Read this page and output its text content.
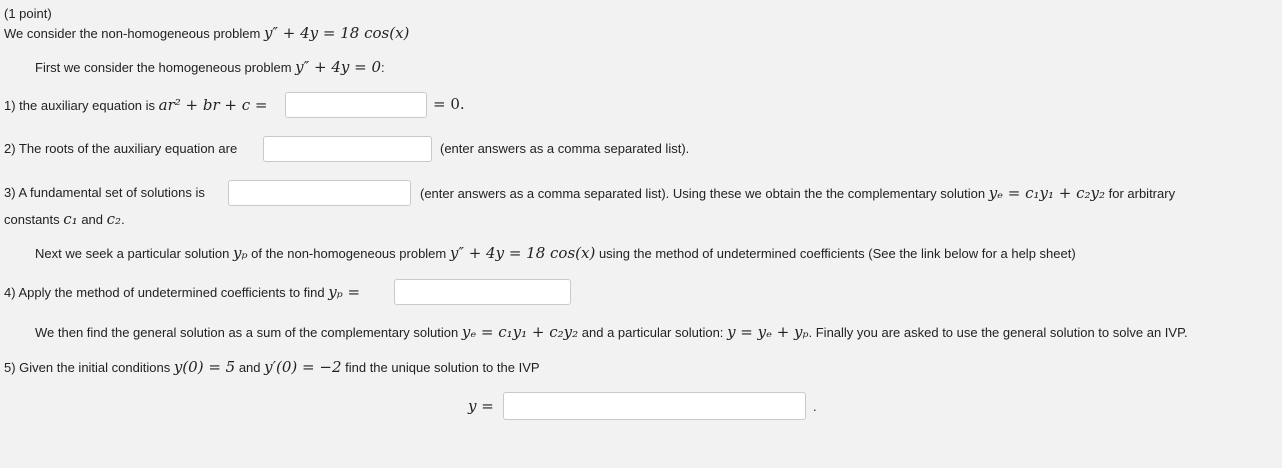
(1 point)
We consider the non-homogeneous problem y″ + 4y = 18 cos(x)
First we consider the homogeneous problem y″ + 4y = 0:
1) the auxiliary equation is ar² + br + c =	= 0.
2) The roots of the auxiliary equation are	(enter answers as a comma separated list).
3) A fundamental set of solutions is	(enter answers as a comma separated list). Using these we obtain the the complementary solution yₑ = c₁y₁ + c₂y₂ for arbitrary
constants c₁ and c₂.
Next we seek a particular solution yₚ of the non-homogeneous problem y″ + 4y = 18 cos(x) using the method of undetermined coefficients (See the link below for a help sheet)
4) Apply the method of undetermined coefficients to find yₚ =
We then find the general solution as a sum of the complementary solution yₑ = c₁y₁ + c₂y₂ and a particular solution: y = yₑ + yₚ. Finally you are asked to use the general solution to solve an IVP.
5) Given the initial conditions y(0) = 5 and y′(0) = −2 find the unique solution to the IVP
y =	.
